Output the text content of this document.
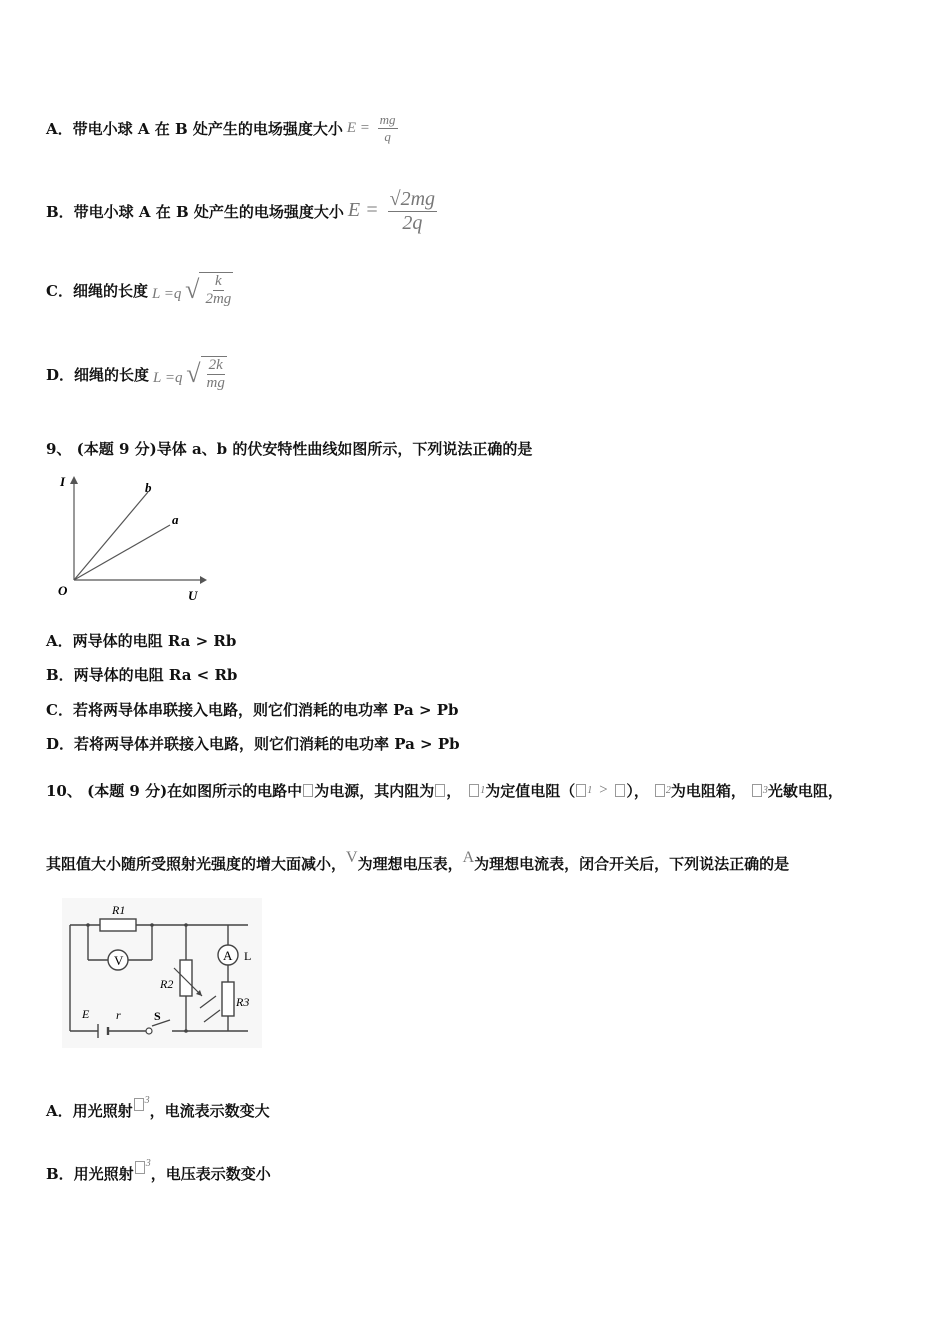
A．带电小球 A 在 B 处产生的电场强度大小 $E = \frac{mg}{q}$
B．带电小球 A 在 B 处产生的电场强度大小 $E = \frac{√2mg}{2q}$
C．细绳的长度 L =q √ $\frac{k}{2mg}$
D．细绳的长度 L =q √ $\frac{2k}{mg}$
9、 (本题 9 分)导体 a、b 的伏安特性曲线如图所示，下列说法正确的是
I
U
O
b
a
A．两导体的电阻 Ra > Rb
B．两导体的电阻 Ra < Rb
C．若将两导体串联接入电路，则它们消耗的电功率 Pa > Pb
D．若将两导体并联接入电路，则它们消耗的电功率 Pa > Pb
10、 (本题 9 分)在如图所示的电路中 为电源，其内阻为 ， 1 为定值电阻（ 1 > ）， 2 为电阻箱， 3 光敏电阻，
其阻值大小随所受照射光强度的增大面减小， V 为理想电压表， A 为理想电流表，闭合开关后，下列说法正确的是
R1
V
R2
A L
R3
E r	S
A．用光照射
3
，电流表示数变大
B．用光照射
3
，电压表示数变小
